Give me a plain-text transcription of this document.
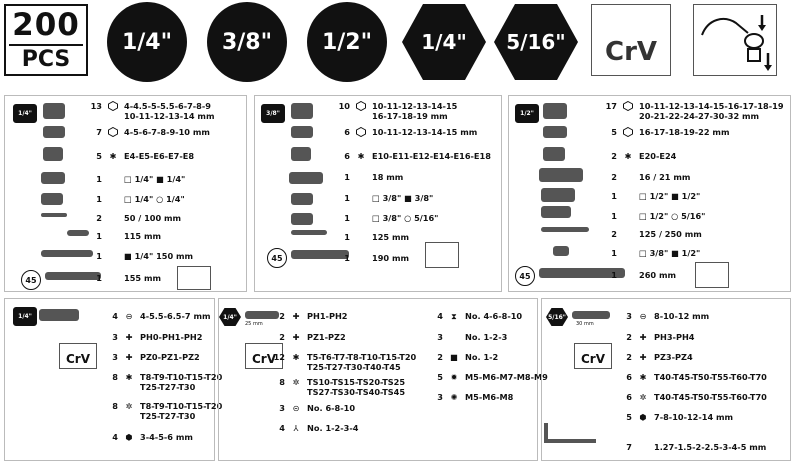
200
PCS
1/4"	3/8"	1/2"	1/4"	5/16"	CrV
1/4"
45
13	4-4.5-5-5.5-6-7-8-9
10-11-12-13-14 mm
7	4-5-6-7-8-9-10 mm
5 ✱ E4-E5-E6-E7-E8
1	□ 1/4" ■ 1/4"
1	□ 1/4" ○ 1/4"
2	50 / 100 mm
1	115 mm
1	■ 1/4" 150 mm
1	155 mm
3/8"
45
10	10-11-12-13-14-15
16-17-18-19 mm
6	10-11-12-13-14-15 mm
6 ✱ E10-E11-E12-E14-E16-E18
1	18 mm
1	□ 3/8" ■ 3/8"
1	□ 3/8" ○ 5/16"
1	125 mm
1	190 mm
1/2"
45
17	10-11-12-13-14-15-16-17-18-19
20-21-22-24-27-30-32 mm
5	16-17-18-19-22 mm
2 ✱ E20-E24
2	16 / 21 mm
1	□ 1/2" ■ 1/2"
1	□ 1/2" ○ 5/16"
2	125 / 250 mm
1	□ 3/8" ■ 1/2"
1	260 mm
1/4"
CrV
4 ⊖ 4-5.5-6.5-7 mm
3 ✚ PH0-PH1-PH2
3 ✚ PZ0-PZ1-PZ2
8 ✱ T8-T9-T10-T15-T20
T25-T27-T30
8 ✲ T8-T9-T10-T15-T20
T25-T27-T30
4 ⬢ 3-4-5-6 mm
1/4"
25 mm
CrV
2 ✚ PH1-PH2
2 ✚ PZ1-PZ2
12 ✱ T5-T6-T7-T8-T10-T15-T20
T25-T27-T30-T40-T45
8 ✲ TS10-TS15-TS20-TS25
TS27-TS30-TS40-TS45
3 ⊝ No. 6-8-10
4	⅄	No. 1-2-3-4
4 ⧗ No. 4-6-8-10
3	No. 1-2-3
2 ■ No. 1-2
5 ✹ M5-M6-M7-M8-M9
3 ✺ M5-M6-M8
5/16"
30 mm
CrV
3 ⊖ 8-10-12 mm
2 ✚ PH3-PH4
2 ✚ PZ3-PZ4
6 ✱ T40-T45-T50-T55-T60-T70
6 ✲ T40-T45-T50-T55-T60-T70
5 ⬢ 7-8-10-12-14 mm
7	1.27-1.5-2-2.5-3-4-5 mm
